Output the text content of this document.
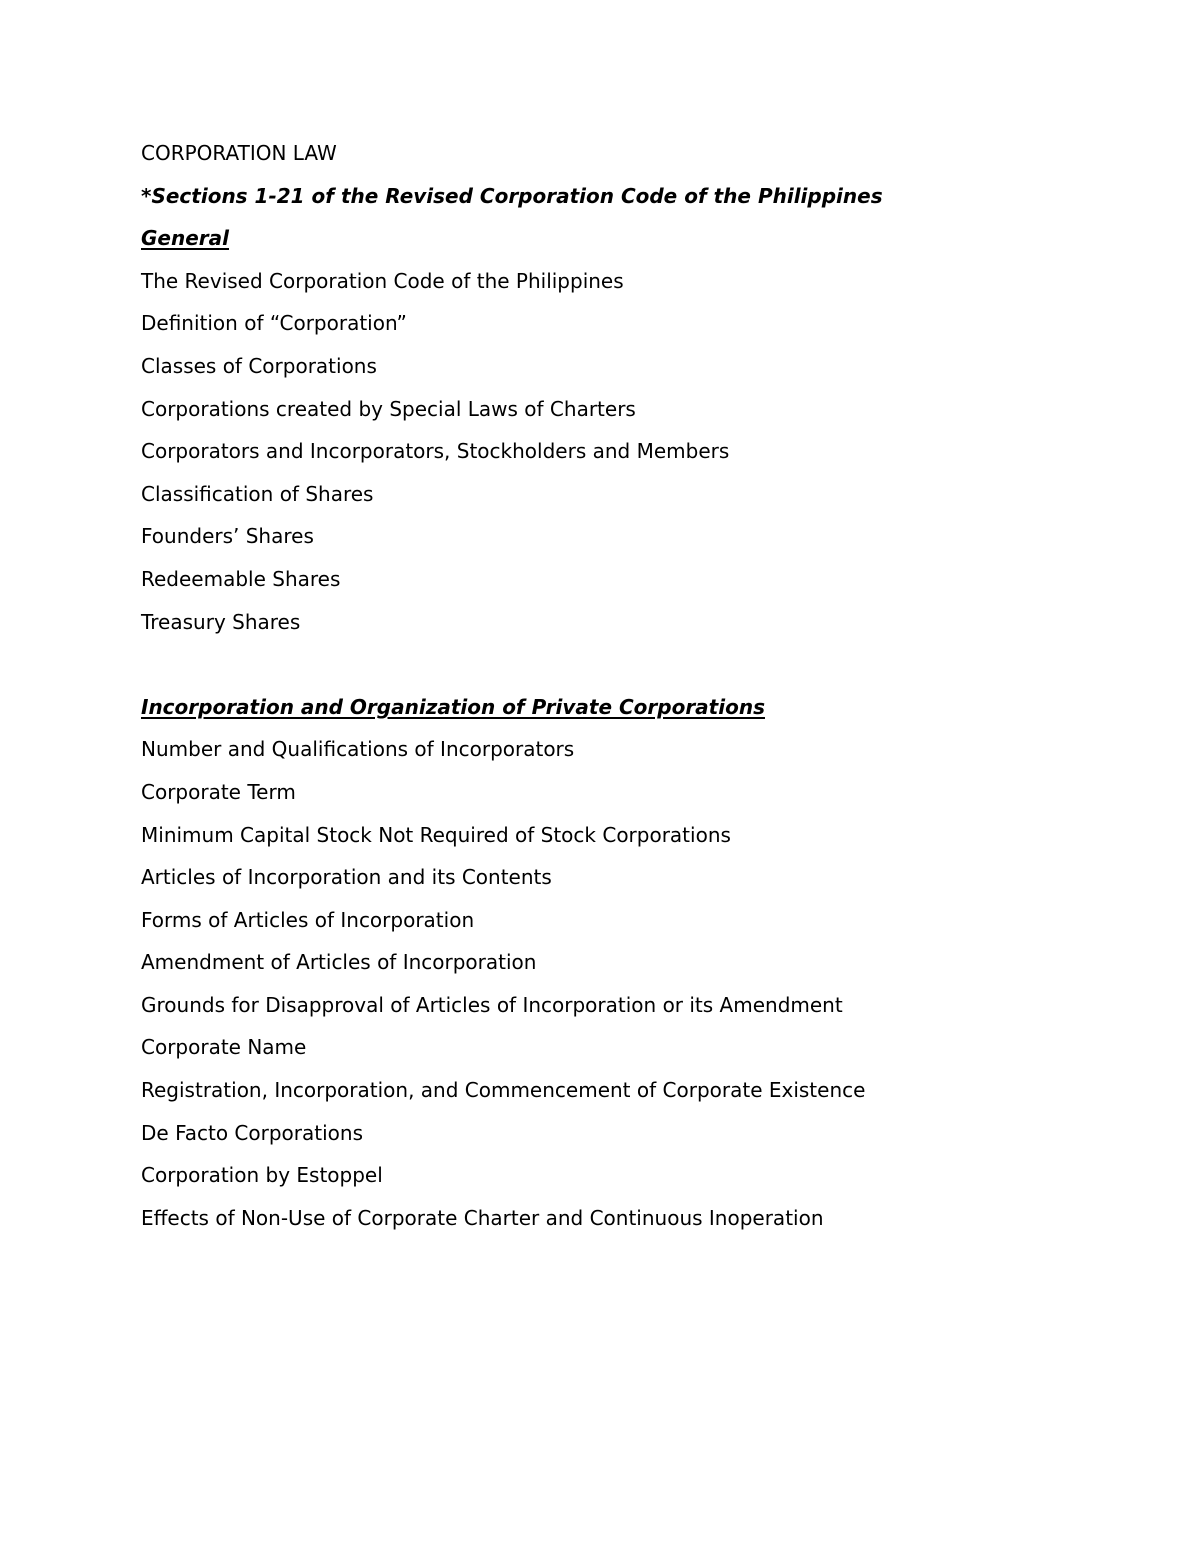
CORPORATION LAW
*Sections 1-21 of the Revised Corporation Code of the Philippines
General
The Revised Corporation Code of the Philippines
Definition of “Corporation”
Classes of Corporations
Corporations created by Special Laws of Charters
Corporators and Incorporators, Stockholders and Members
Classification of Shares
Founders’ Shares
Redeemable Shares
Treasury Shares
Incorporation and Organization of Private Corporations
Number and Qualifications of Incorporators
Corporate Term
Minimum Capital Stock Not Required of Stock Corporations
Articles of Incorporation and its Contents
Forms of Articles of Incorporation
Amendment of Articles of Incorporation
Grounds for Disapproval of Articles of Incorporation or its Amendment
Corporate Name
Registration, Incorporation, and Commencement of Corporate Existence
De Facto Corporations
Corporation by Estoppel
Effects of Non-Use of Corporate Charter and Continuous Inoperation
